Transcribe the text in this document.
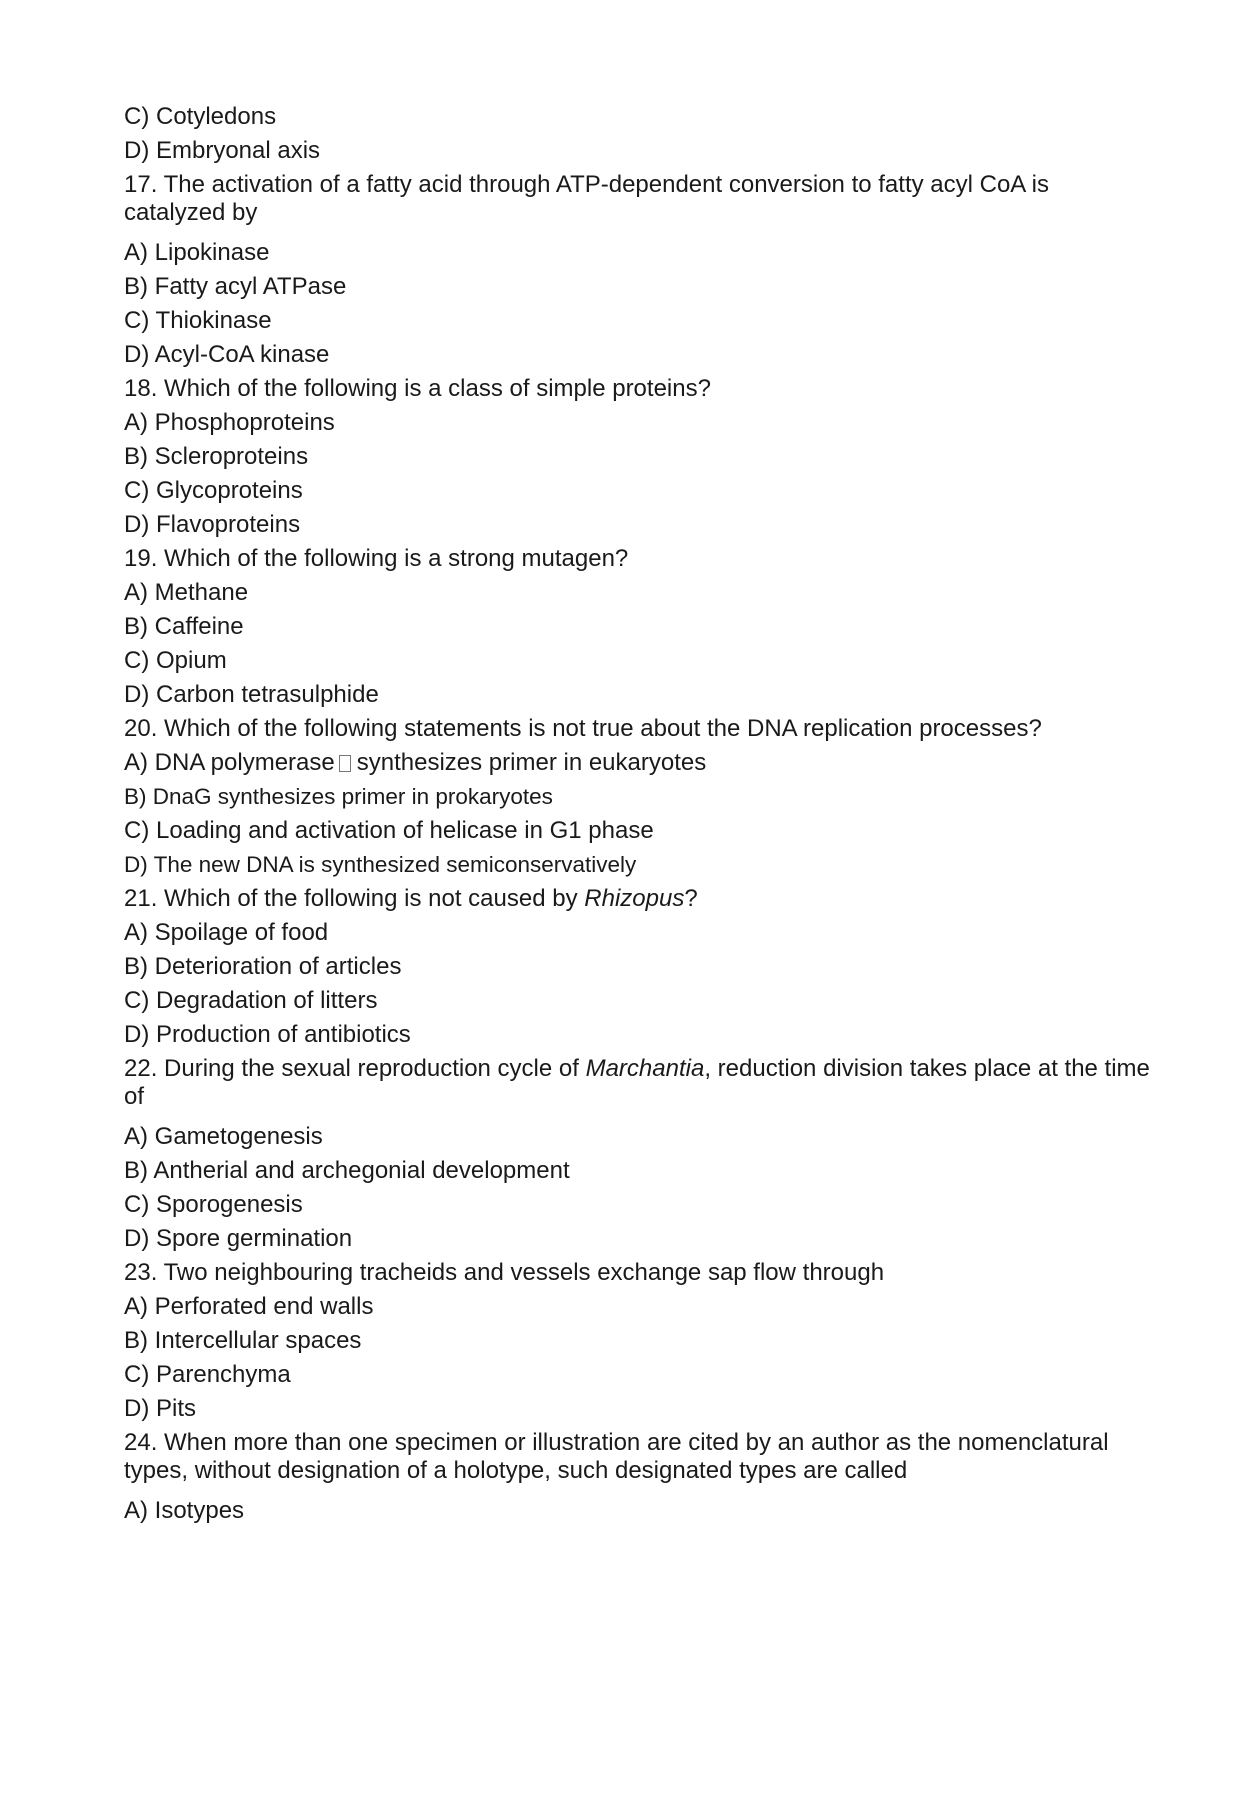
C) Cotyledons
D) Embryonal axis
17. The activation of a fatty acid through ATP-dependent conversion to fatty acyl CoA is catalyzed by
A) Lipokinase
B) Fatty acyl ATPase
C) Thiokinase
D) Acyl-CoA kinase
18. Which of the following is a class of simple proteins?
A) Phosphoproteins
B) Scleroproteins
C) Glycoproteins
D) Flavoproteins
19. Which of the following is a strong mutagen?
A) Methane
B) Caffeine
C) Opium
D) Carbon tetrasulphide
20. Which of the following statements is not true about the DNA replication processes?
A) DNA polymerase synthesizes primer in eukaryotes
B) DnaG synthesizes primer in prokaryotes
C) Loading and activation of helicase in G1 phase
D) The new DNA is synthesized semiconservatively
21. Which of the following is not caused by Rhizopus?
A) Spoilage of food
B) Deterioration of articles
C) Degradation of litters
D) Production of antibiotics
22. During the sexual reproduction cycle of Marchantia, reduction division takes place at the time of
A) Gametogenesis
B) Antherial and archegonial development
C) Sporogenesis
D) Spore germination
23. Two neighbouring tracheids and vessels exchange sap flow through
A) Perforated end walls
B) Intercellular spaces
C) Parenchyma
D) Pits
24. When more than one specimen or illustration are cited by an author as the nomenclatural types, without designation of a holotype, such designated types are called
A) Isotypes
